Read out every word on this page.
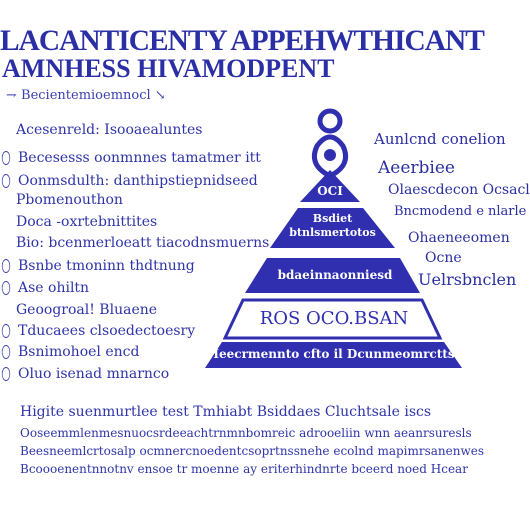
LACANTICENTY APPEHWTHICANT
AMNHESS HIVAMODPENT
⇁ Becientemioemnocl ↘
Acesenreld: Isooaealuntes
Becesesss oonmnnes tamatmer itt
Oonmsdulth: danthipstiepnidseed
Pbomenouthon
Doca -oxrtebnittites
Bio: bcenmerloeatt tiacodnsmuerns
Bsnbe tmoninn thdtnung
Ase ohiltn
Geoogroal! Bluaene
Tducaees clsoedectoesry
Bsnimohoel encd
Oluo isenad mnarnco
OCI
Bsdiet btnlsmertotos
bdaeinnaonniesd
ROS OCO.BSAN
Ieecrmennto cfto il Dcunmeomrctts
Aunlcnd conelion
Aeerbiee
Olaescdecon Ocsacl
Bncmodend e nlarle
Ohaeneeomen
Ocne
Uelrsbnclen
Higite suenmurtlee test Tmhiabt Bsiddaes Cluchtsale iscs
Ooseemmlenmesnuocsrdeeachtrnmnbomreic adrooeliin wnn aeanrsuresls
Beesneemlcrtosalp ocmnercnoedentcsoprtnssnehe ecolnd mapimrsanenwes
Bcoooenentnnotnv ensoe tr moenne ay eriterhindnrte bceerd noed Hcear
